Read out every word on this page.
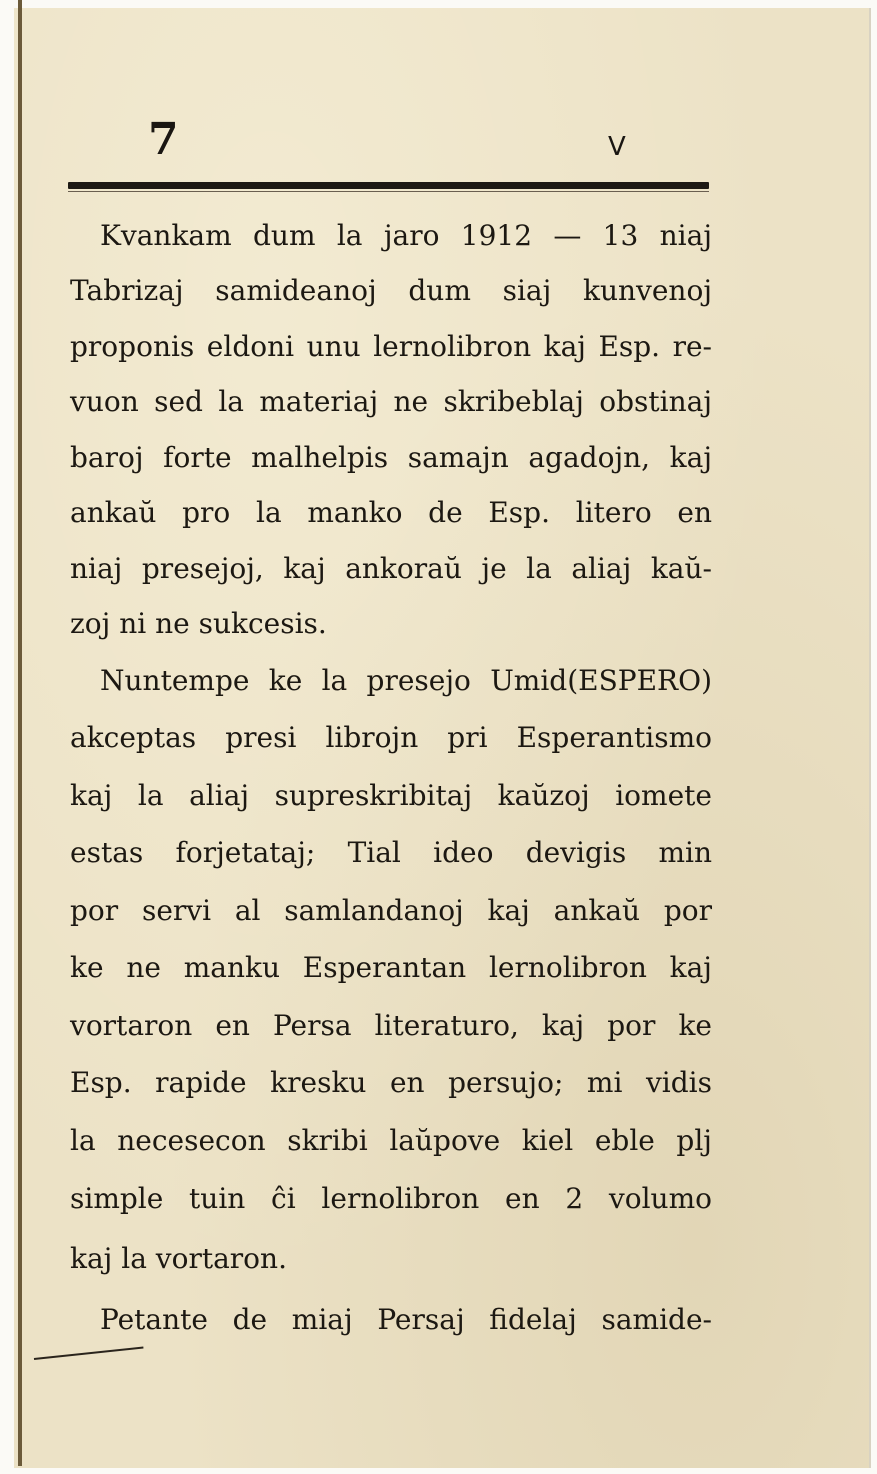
7	V
Kvankam dum la jaro 1912 — 13 niaj
Tabrizaj samideanoj dum siaj kunvenoj
proponis eldoni unu lernolibron kaj Esp. re-
vuon sed la materiaj ne skribeblaj obstinaj
baroj forte malhelpis samajn agadojn, kaj
ankaŭ pro la manko de Esp. litero en
niaj presejoj, kaj ankoraŭ je la aliaj kaŭ-
zoj ni ne sukcesis.
Nuntempe ke la presejo Umid(ESPERO)
akceptas presi librojn pri Esperantismo
kaj la aliaj supreskribitaj kaŭzoj iomete
estas forjetataj; Tial ideo devigis min
por servi al samlandanoj kaj ankaŭ por
ke ne manku Esperantan lernolibron kaj
vortaron en Persa literaturo, kaj por ke
Esp. rapide kresku en persujo; mi vidis
la necesecon skribi laŭpove kiel eble plj
simple tuin ĉi lernolibron en 2 volumo
kaj la vortaron.
Petante de miaj Persaj fidelaj samide-
